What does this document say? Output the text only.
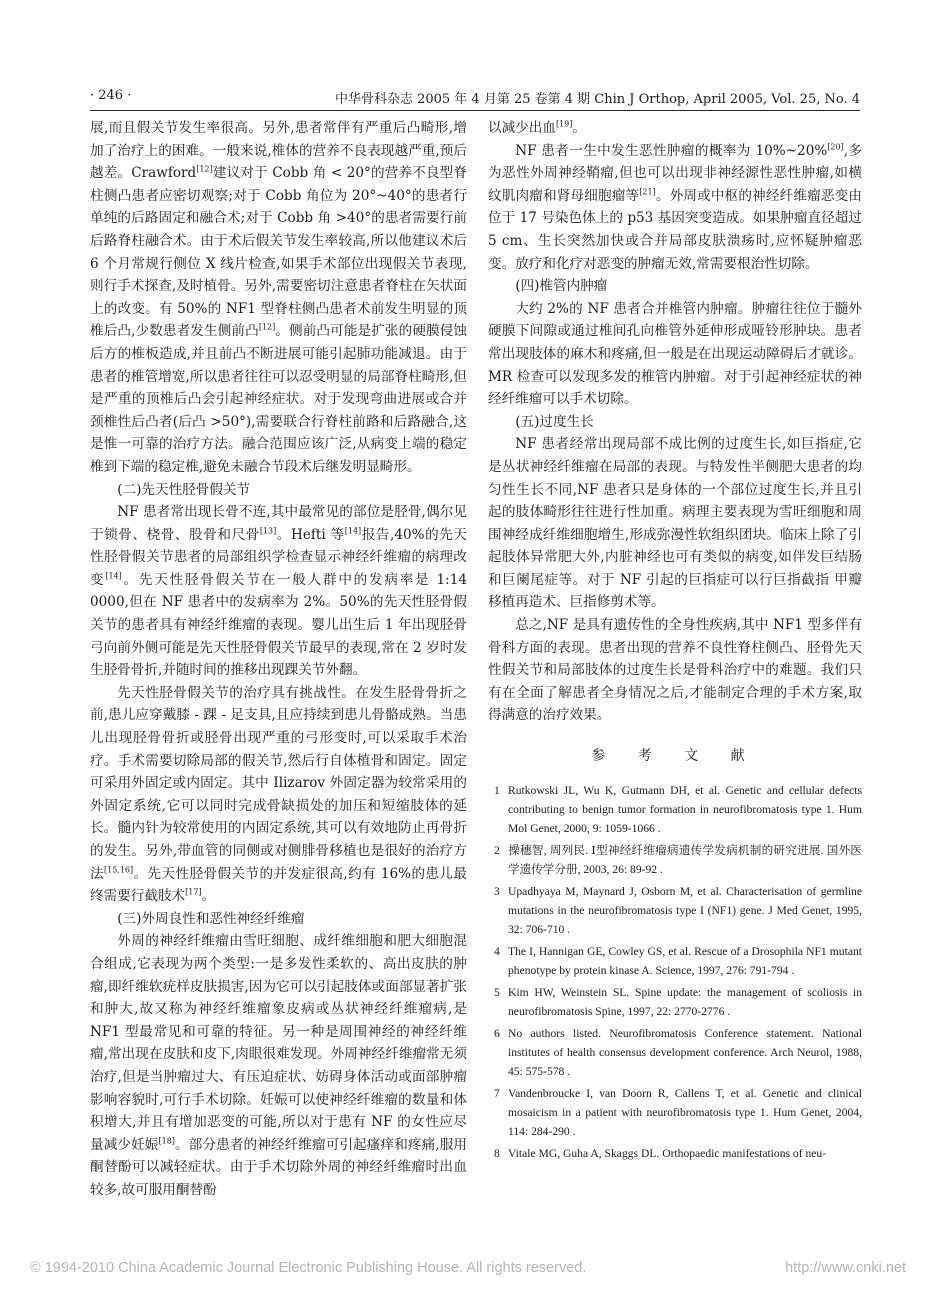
· 246 ·	中华骨科杂志 2005 年 4 月第 25 卷第 4 期 Chin J Orthop, April 2005, Vol. 25, No. 4

展,而且假关节发生率很高。另外,患者常伴有严重后凸畸形,增加了治疗上的困难。一般来说,椎体的营养不良表现越严重,预后越差。Crawford[12]建议对于 Cobb 角 < 20°的营养不良型脊柱侧凸患者应密切观察;对于 Cobb 角位为 20°~40°的患者行单纯的后路固定和融合术;对于 Cobb 角 >40°的患者需要行前后路脊柱融合术。由于术后假关节发生率较高,所以他建议术后 6 个月常规行侧位 X 线片检查,如果手术部位出现假关节表现,则行手术探查,及时植骨。另外,需要密切注意患者脊柱在矢状面上的改变。有 50%的 NF1 型脊柱侧凸患者术前发生明显的顶椎后凸,少数患者发生侧前凸[12]。侧前凸可能是扩张的硬膜侵蚀后方的椎板造成,并且前凸不断进展可能引起肺功能减退。由于患者的椎管增宽,所以患者往往可以忍受明显的局部脊柱畸形,但是严重的顶椎后凸会引起神经症状。对于发现弯曲进展或合并颈椎性后凸者(后凸 >50°),需要联合行脊柱前路和后路融合,这是惟一可靠的治疗方法。融合范围应该广泛,从病变上端的稳定椎到下端的稳定椎,避免未融合节段术后继发明显畸形。

(二)先天性胫骨假关节

NF 患者常出现长骨不连,其中最常见的部位是胫骨,偶尔见于锁骨、桡骨、股骨和尺骨[13]。Hefti 等[14]报告,40%的先天性胫骨假关节患者的局部组织学检查显示神经纤维瘤的病理改变[14]。先天性胫骨假关节在一般人群中的发病率是 1:14 0000,但在 NF 患者中的发病率为 2%。50%的先天性胫骨假关节的患者具有神经纤维瘤的表现。婴儿出生后 1 年出现胫骨弓向前外侧可能是先天性胫骨假关节最早的表现,常在 2 岁时发生胫骨骨折,并随时间的推移出现踝关节外翻。

先天性胫骨假关节的治疗具有挑战性。在发生胫骨骨折之前,患儿应穿戴膝 - 踝 - 足支具,且应持续到患儿骨骼成熟。当患儿出现胫骨骨折或胫骨出现严重的弓形变时,可以采取手术治疗。手术需要切除局部的假关节,然后行自体植骨和固定。固定可采用外固定或内固定。其中 Ilizarov 外固定器为较常采用的外固定系统,它可以同时完成骨缺损处的加压和短缩肢体的延长。髓内针为较常使用的内固定系统,其可以有效地防止再骨折的发生。另外,带血管的同侧或对侧腓骨移植也是很好的治疗方法[15,16]。先天性胫骨假关节的并发症很高,约有 16%的患儿最终需要行截肢术[17]。

(三)外周良性和恶性神经纤维瘤

外周的神经纤维瘤由雪旺细胞、成纤维细胞和肥大细胞混合组成,它表现为两个类型:一是多发性柔软的、高出皮肤的肿瘤,即纤维软疣样皮肤损害,因为它可以引起肢体或面部显著扩张和肿大,故又称为神经纤维瘤象皮病或丛状神经纤维瘤病,是 NF1 型最常见和可靠的特征。另一种是周围神经的神经纤维瘤,常出现在皮肤和皮下,肉眼很难发现。外周神经纤维瘤常无须治疗,但是当肿瘤过大、有压迫症状、妨碍身体活动或面部肿瘤影响容貌时,可行手术切除。妊娠可以使神经纤维瘤的数量和体积增大,并且有增加恶变的可能,所以对于患有 NF 的女性应尽量减少妊娠[18]。部分患者的神经纤维瘤可引起瘙痒和疼痛,服用酮替酚可以减轻症状。由于手术切除外周的神经纤维瘤时出血较多,故可服用酮替酚

以减少出血[19]。

NF 患者一生中发生恶性肿瘤的概率为 10%~20%[20],多为恶性外周神经鞘瘤,但也可以出现非神经源性恶性肿瘤,如横纹肌肉瘤和肾母细胞瘤等[21]。外周或中枢的神经纤维瘤恶变由位于 17 号染色体上的 p53 基因突变造成。如果肿瘤直径超过 5 cm、生长突然加快或合并局部皮肤溃疡时,应怀疑肿瘤恶变。放疗和化疗对恶变的肿瘤无效,常需要根治性切除。

(四)椎管内肿瘤

大约 2%的 NF 患者合并椎管内肿瘤。肿瘤往往位于髓外硬膜下间隙或通过椎间孔向椎管外延伸形成哑铃形肿块。患者常出现肢体的麻木和疼痛,但一般是在出现运动障碍后才就诊。MR 检查可以发现多发的椎管内肿瘤。对于引起神经症状的神经纤维瘤可以手术切除。

(五)过度生长

NF 患者经常出现局部不成比例的过度生长,如巨指症,它是丛状神经纤维瘤在局部的表现。与特发性半侧肥大患者的均匀性生长不同,NF 患者只是身体的一个部位过度生长,并且引起的肢体畸形往往进行性加重。病理主要表现为雪旺细胞和周围神经成纤维细胞增生,形成弥漫性软组织团块。临床上除了引起肢体异常肥大外,内脏神经也可有类似的病变,如伴发巨结肠和巨阑尾症等。对于 NF 引起的巨指症可以行巨指截指 甲瓣移植再造术、巨指修剪术等。

总之,NF 是具有遗传性的全身性疾病,其中 NF1 型多伴有骨科方面的表现。患者出现的营养不良性脊柱侧凸、胫骨先天性假关节和局部肢体的过度生长是骨科治疗中的难题。我们只有在全面了解患者全身情况之后,才能制定合理的手术方案,取得满意的治疗效果。

参 考 文 献
1 Rutkowski JL, Wu K, Gutmann DH, et al. Genetic and cellular defects contributing to benign tumor formation in neurofibromatosis type 1. Hum Mol Genet, 2000, 9: 1059-1066 .
2 操穗智, 周列民. Ⅰ型神经纤维瘤病遗传学发病机制的研究进展. 国外医学遗传学分册, 2003, 26: 89-92 .
3 Upadhyaya M, Maynard J, Osborn M, et al. Characterisation of germline mutations in the neurofibromatosis type I (NF1) gene. J Med Genet, 1995, 32: 706-710 .
4 The I, Hannigan GE, Cowley GS, et al. Rescue of a Drosophila NF1 mutant phenotype by protein kinase A. Science, 1997, 276: 791-794 .
5 Kim HW, Weinstein SL. Spine update: the management of scoliosis in neurofibromatosis Spine, 1997, 22: 2770-2776 .
6 No authors listed. Neurofibromatosis Conference statement. National institutes of health consensus development conference. Arch Neurol, 1988, 45: 575-578 .
7 Vandenbroucke I, van Doorn R, Callens T, et al. Genetic and clinical mosaicism in a patient with neurofibromatosis type 1. Hum Genet, 2004, 114: 284-290 .
8 Vitale MG, Guha A, Skaggs DL. Orthopaedic manifestations of neu-
© 1994-2010 China Academic Journal Electronic Publishing House. All rights reserved.	http://www.cnki.net
